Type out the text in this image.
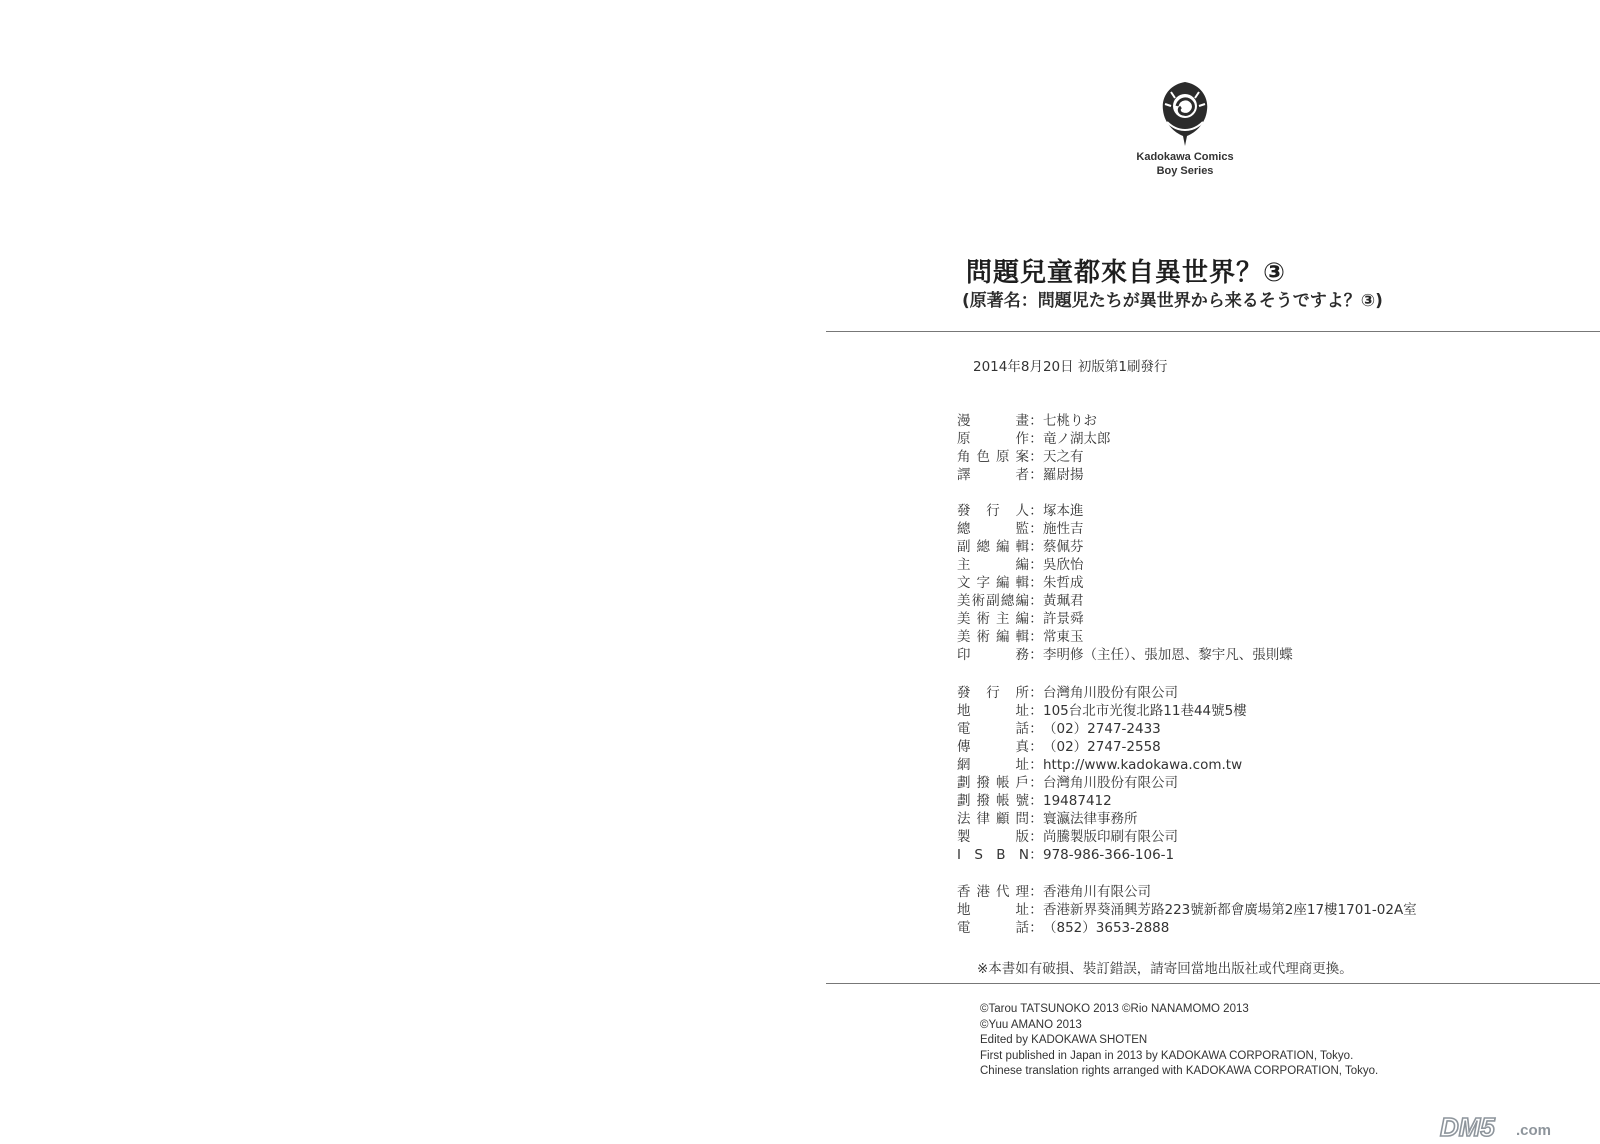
Kadokawa Comics
Boy Series
問題兒童都來自異世界？③
(原著名：問題児たちが異世界から来るそうですよ？③)
2014年8月20日 初版第1刷發行
漫	畫 ： 七桃りお
原	作 ： 竜ノ湖太郎
角 色 原 案 ： 天之有
譯	者 ： 羅尉揚
發 行 人 ： 塚本進
總	監 ： 施性吉
副 總 編 輯 ： 蔡佩芬
主	編 ： 吳欣怡
文 字 編 輯 ： 朱哲成
美 術 副 總 編 ： 黃珮君
美 術 主 編 ： 許景舜
美 術 編 輯 ： 常東玉
印	務 ： 李明修（主任）、張加恩、黎宇凡、張則蝶
發 行 所 ： 台灣角川股份有限公司
地	址 ： 105台北市光復北路11巷44號5樓
電	話 ： （02）2747-2433
傳	真 ： （02）2747-2558
網	址 ： http://www.kadokawa.com.tw
劃 撥 帳 戶 ： 台灣角川股份有限公司
劃 撥 帳 號 ： 19487412
法 律 顧 問 ： 寰瀛法律事務所
製	版 ： 尚騰製版印刷有限公司
I S B N ： 978-986-366-106-1
香 港 代 理 ： 香港角川有限公司
地	址 ： 香港新界葵涌興芳路223號新都會廣場第2座17樓1701-02A室
電	話 ： （852）3653-2888
※本書如有破損、裝訂錯誤，請寄回當地出版社或代理商更換。
©Tarou TATSUNOKO 2013 ©Rio NANAMOMO 2013
©Yuu AMANO 2013
Edited by KADOKAWA SHOTEN
First published in Japan in 2013 by KADOKAWA CORPORATION, Tokyo.
Chinese translation rights arranged with KADOKAWA CORPORATION, Tokyo.
DM5 .com
